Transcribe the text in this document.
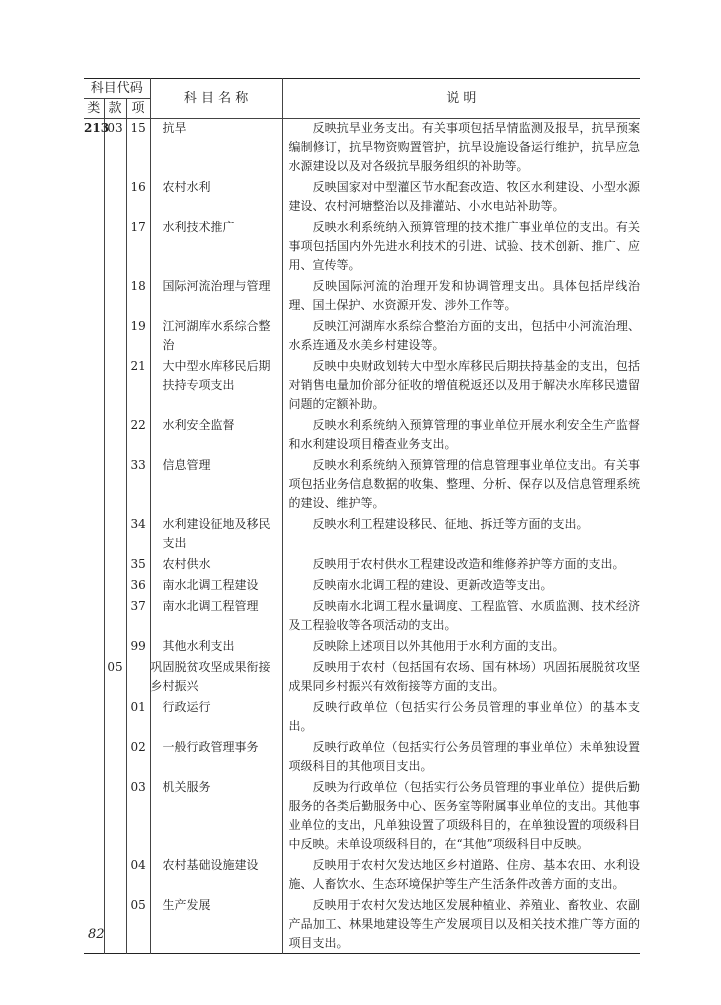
科目代码			科 目 名 称	说 明
类	款	项		
213	03	15	抗旱	反映抗旱业务支出。有关事项包括旱情监测及报旱，抗旱预案编制修订，抗旱物资购置管护，抗旱设施设备运行维护，抗旱应急水源建设以及对各级抗旱服务组织的补助等。
		16	农村水利	反映国家对中型灌区节水配套改造、牧区水利建设、小型水源建设、农村河塘整治以及排灌站、小水电站补助等。
		17	水利技术推广	反映水利系统纳入预算管理的技术推广事业单位的支出。有关事项包括国内外先进水利技术的引进、试验、技术创新、推广、应用、宣传等。
		18	国际河流治理与管理	反映国际河流的治理开发和协调管理支出。具体包括岸线治理、国土保护、水资源开发、涉外工作等。
		19	江河湖库水系综合整治	反映江河湖库水系综合整治方面的支出，包括中小河流治理、水系连通及水美乡村建设等。
		21	大中型水库移民后期扶持专项支出	反映中央财政划转大中型水库移民后期扶持基金的支出，包括对销售电量加价部分征收的增值税返还以及用于解决水库移民遗留问题的定额补助。
		22	水利安全监督	反映水利系统纳入预算管理的事业单位开展水利安全生产监督和水利建设项目稽查业务支出。
		33	信息管理	反映水利系统纳入预算管理的信息管理事业单位支出。有关事项包括业务信息数据的收集、整理、分析、保存以及信息管理系统的建设、维护等。
		34	水利建设征地及移民支出	反映水利工程建设移民、征地、拆迁等方面的支出。
		35	农村供水	反映用于农村供水工程建设改造和维修养护等方面的支出。
		36	南水北调工程建设	反映南水北调工程的建设、更新改造等支出。
		37	南水北调工程管理	反映南水北调工程水量调度、工程监管、水质监测、技术经济及工程验收等各项活动的支出。
		99	其他水利支出	反映除上述项目以外其他用于水利方面的支出。
	05		巩固脱贫攻坚成果衔接乡村振兴	反映用于农村（包括国有农场、国有林场）巩固拓展脱贫攻坚成果同乡村振兴有效衔接等方面的支出。
		01	行政运行	反映行政单位（包括实行公务员管理的事业单位）的基本支出。
		02	一般行政管理事务	反映行政单位（包括实行公务员管理的事业单位）未单独设置项级科目的其他项目支出。
		03	机关服务	反映为行政单位（包括实行公务员管理的事业单位）提供后勤服务的各类后勤服务中心、医务室等附属事业单位的支出。其他事业单位的支出，凡单独设置了项级科目的，在单独设置的项级科目中反映。未单设项级科目的，在“其他”项级科目中反映。
		04	农村基础设施建设	反映用于农村欠发达地区乡村道路、住房、基本农田、水利设施、人畜饮水、生态环境保护等生产生活条件改善方面的支出。
		05	生产发展	反映用于农村欠发达地区发展种植业、养殖业、畜牧业、农副产品加工、林果地建设等生产发展项目以及相关技术推广等方面的项目支出。
82
